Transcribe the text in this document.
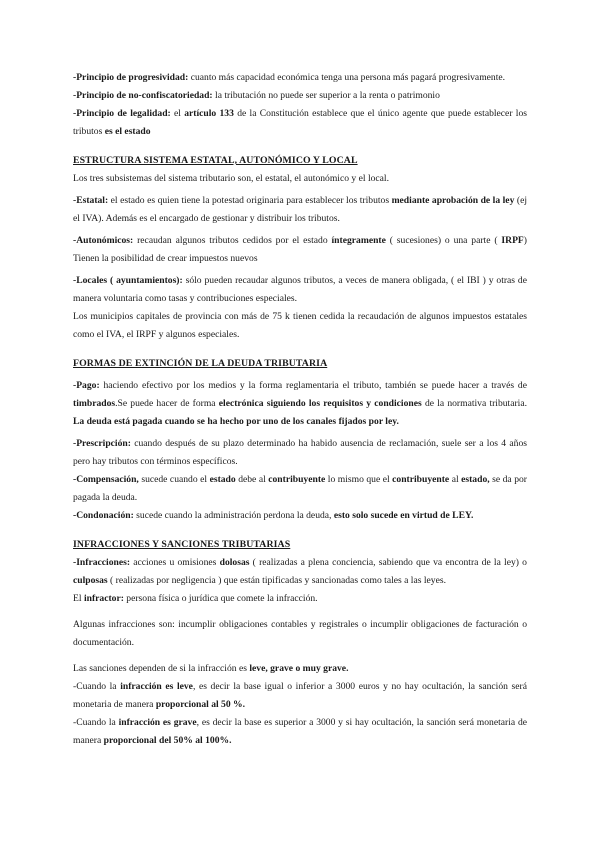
-Principio de progresividad: cuanto más capacidad económica tenga una persona más pagará progresivamente.

-Principio de no-confiscatoriedad: la tributación no puede ser superior a la renta o patrimonio

-Principio de legalidad: el artículo 133 de la Constitución establece que el único agente que puede establecer los tributos es el estado

ESTRUCTURA SISTEMA ESTATAL, AUTONÓMICO Y LOCAL

Los tres subsistemas del sistema tributario son, el estatal, el autonómico y el local.

-Estatal: el estado es quien tiene la potestad originaria para establecer los tributos mediante aprobación de la ley (ej el IVA). Además es el encargado de gestionar y distribuir los tributos.

-Autonómicos: recaudan algunos tributos cedidos por el estado íntegramente ( sucesiones) o una parte ( IRPF) Tienen la posibilidad de crear impuestos nuevos

-Locales ( ayuntamientos): sólo pueden recaudar algunos tributos, a veces de manera obligada, ( el IBI ) y otras de manera voluntaria como tasas y contribuciones especiales.

Los municipios capitales de provincia con más de 75 k tienen cedida la recaudación de algunos impuestos estatales como el IVA, el IRPF y algunos especiales.

FORMAS DE EXTINCIÓN DE LA DEUDA TRIBUTARIA

-Pago: haciendo efectivo por los medios y la forma reglamentaria el tributo, también se puede hacer a través de timbrados.Se puede hacer de forma electrónica siguiendo los requisitos y condiciones de la normativa tributaria. La deuda está pagada cuando se ha hecho por uno de los canales fijados por ley.

-Prescripción: cuando después de su plazo determinado ha habido ausencia de reclamación, suele ser a los 4 años pero hay tributos con términos específicos.

-Compensación, sucede cuando el estado debe al contribuyente lo mismo que el contribuyente al estado, se da por pagada la deuda.

-Condonación: sucede cuando la administración perdona la deuda, esto solo sucede en virtud de LEY.

INFRACCIONES Y SANCIONES TRIBUTARIAS

-Infracciones: acciones u omisiones dolosas ( realizadas a plena conciencia, sabiendo que va encontra de la ley) o culposas ( realizadas por negligencia ) que están tipificadas y sancionadas como tales a las leyes.

El infractor: persona física o jurídica que comete la infracción.

Algunas infracciones son: incumplir obligaciones contables y registrales o incumplir obligaciones de facturación o documentación.

Las sanciones dependen de si la infracción es leve, grave o muy grave.

-Cuando la infracción es leve, es decir la base igual o inferior a 3000 euros y no hay ocultación, la sanción será monetaria de manera proporcional al 50 %.

-Cuando la infracción es grave, es decir la base es superior a 3000 y si hay ocultación, la sanción será monetaria de manera proporcional del 50% al 100%.
